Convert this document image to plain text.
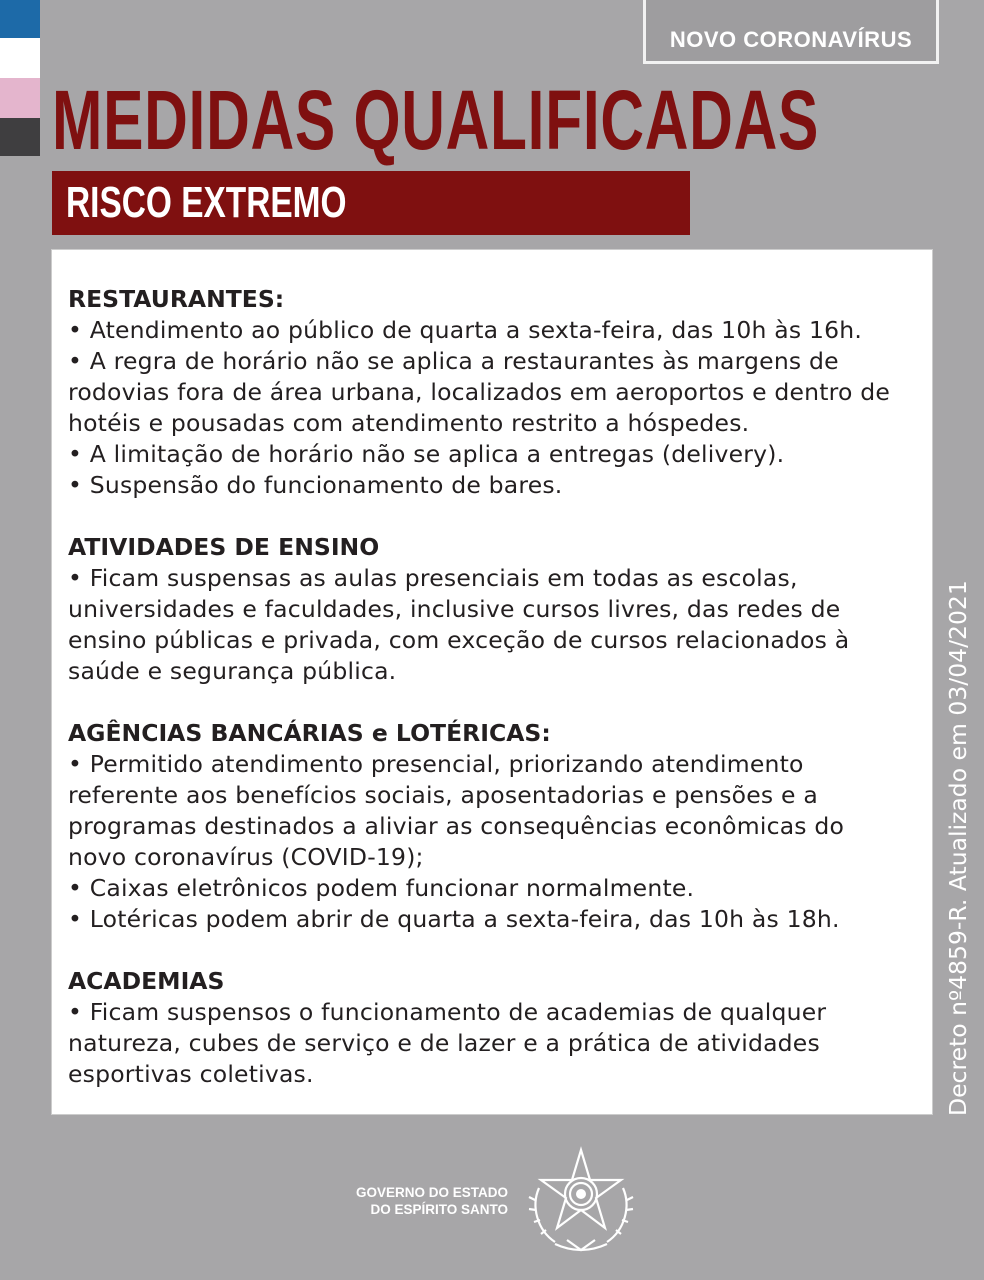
NOVO CORONAVÍRUS
MEDIDAS QUALIFICADAS
RISCO EXTREMO
RESTAURANTES:

• Atendimento ao público de quarta a sexta-feira, das 10h às 16h.

• A regra de horário não se aplica a restaurantes às margens de

rodovias fora de área urbana, localizados em aeroportos e dentro de

hotéis e pousadas com atendimento restrito a hóspedes.

• A limitação de horário não se aplica a entregas (delivery).

• Suspensão do funcionamento de bares.

ATIVIDADES DE ENSINO

• Ficam suspensas as aulas presenciais em todas as escolas,

universidades e faculdades, inclusive cursos livres, das redes de

ensino públicas e privada, com exceção de cursos relacionados à

saúde e segurança pública.

AGÊNCIAS BANCÁRIAS e LOTÉRICAS:

• Permitido atendimento presencial, priorizando atendimento

referente aos benefícios sociais, aposentadorias e pensões e a

programas destinados a aliviar as consequências econômicas do

novo coronavírus (COVID-19);

• Caixas eletrônicos podem funcionar normalmente.

• Lotéricas podem abrir de quarta a sexta-feira, das 10h às 18h.

ACADEMIAS

• Ficam suspensos o funcionamento de academias de qualquer

natureza, cubes de serviço e de lazer e a prática de atividades

esportivas coletivas.	Decreto nº4859-R. Atualizado em 03/04/2021
GOVERNO DO ESTADO
DO ESPÍRITO SANTO
